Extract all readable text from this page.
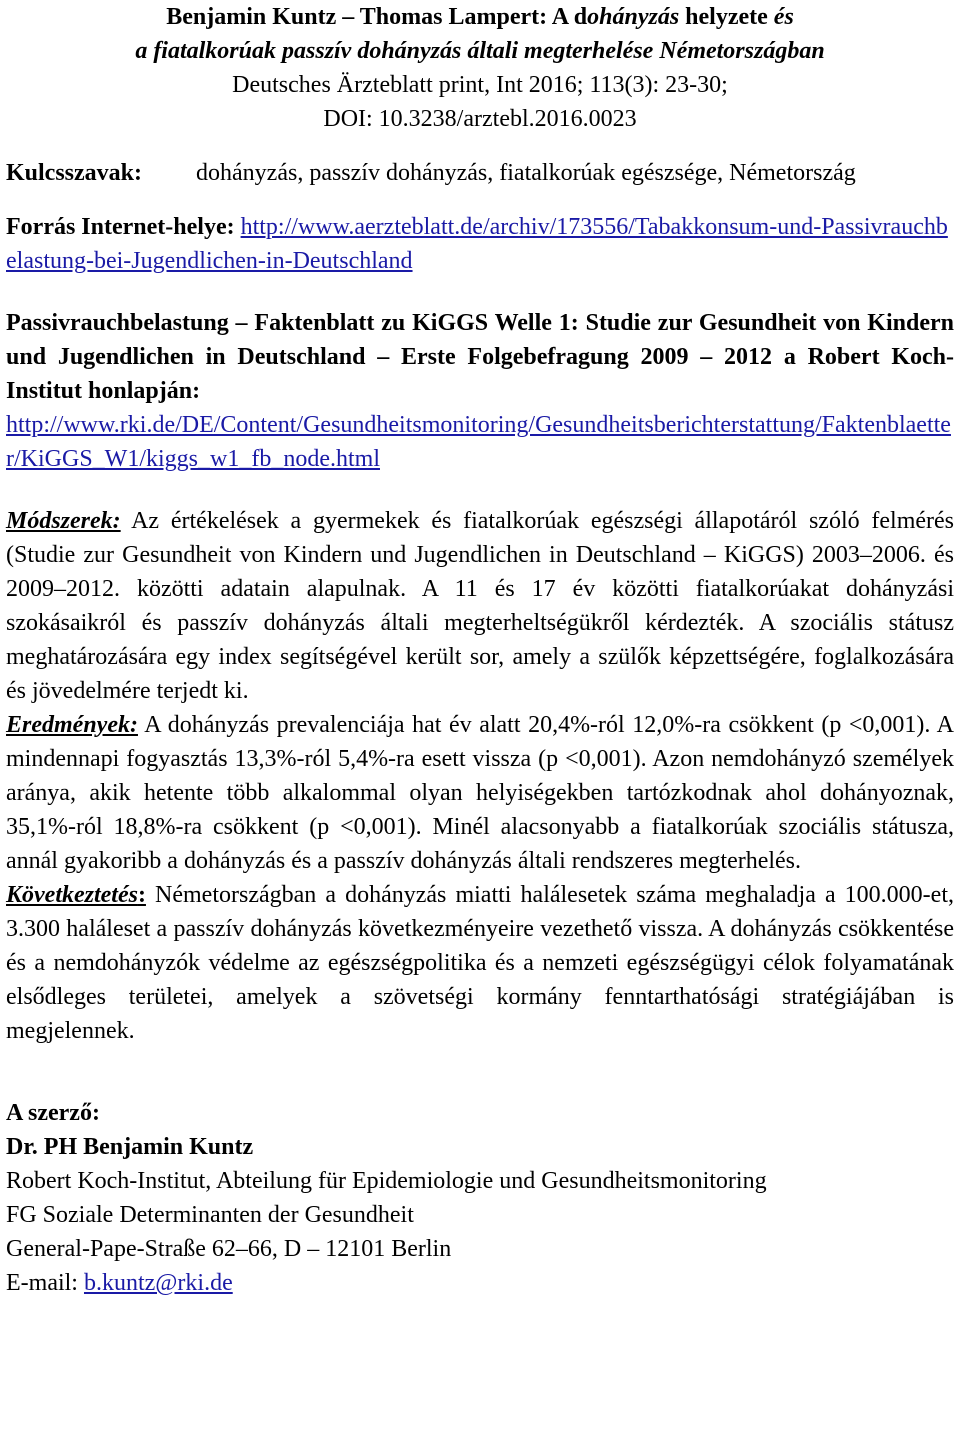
Benjamin Kuntz – Thomas Lampert: A dohányzás helyzete és

a fiatalkorúak passzív dohányzás általi megterhelése Németországban

Deutsches Ärzteblatt print, Int 2016; 113(3): 23-30;

DOI: 10.3238/arztebl.2016.0023

Kulcsszavak: dohányzás, passzív dohányzás, fiatalkorúak egészsége, Németország

Forrás Internet-helye: http://www.aerzteblatt.de/archiv/173556/Tabakkonsum-und-Passivrauchbelastung-bei-Jugendlichen-in-Deutschland

Passivrauchbelastung – Faktenblatt zu KiGGS Welle 1: Studie zur Gesundheit von Kindern und Jugendlichen in Deutschland – Erste Folgebefragung 2009 – 2012 a Robert Koch-Institut honlapján:

http://www.rki.de/DE/Content/Gesundheitsmonitoring/Gesundheitsberichterstattung/Faktenblaetter/KiGGS_W1/kiggs_w1_fb_node.html

Módszerek: Az értékelések a gyermekek és fiatalkorúak egészségi állapotáról szóló felmérés (Studie zur Gesundheit von Kindern und Jugendlichen in Deutschland – KiGGS) 2003–2006. és 2009–2012. közötti adatain alapulnak. A 11 és 17 év közötti fiatalkorúakat dohányzási szokásaikról és passzív dohányzás általi megterheltségükről kérdezték. A szociális státusz meghatározására egy index segítségével került sor, amely a szülők képzettségére, foglalkozására és jövedelmére terjedt ki.

Eredmények: A dohányzás prevalenciája hat év alatt 20,4%-ról 12,0%-ra csökkent (p <0,001). A mindennapi fogyasztás 13,3%-ról 5,4%-ra esett vissza (p <0,001). Azon nemdohányzó személyek aránya, akik hetente több alkalommal olyan helyiségekben tartózkodnak ahol dohányoznak, 35,1%-ról 18,8%-ra csökkent (p <0,001). Minél alacsonyabb a fiatalkorúak szociális státusza, annál gyakoribb a dohányzás és a passzív dohányzás általi rendszeres megterhelés.

Következtetés: Németországban a dohányzás miatti halálesetek száma meghaladja a 100.000-et, 3.300 haláleset a passzív dohányzás következményeire vezethető vissza. A dohányzás csökkentése és a nemdohányzók védelme az egészségpolitika és a nemzeti egészségügyi célok folyamatának elsődleges területei, amelyek a szövetségi kormány fenntarthatósági stratégiájában is megjelennek.

A szerző:

Dr. PH Benjamin Kuntz

Robert Koch-Institut, Abteilung für Epidemiologie und Gesundheitsmonitoring

FG Soziale Determinanten der Gesundheit

General-Pape-Straße 62–66, D – 12101 Berlin

E-mail: b.kuntz@rki.de
